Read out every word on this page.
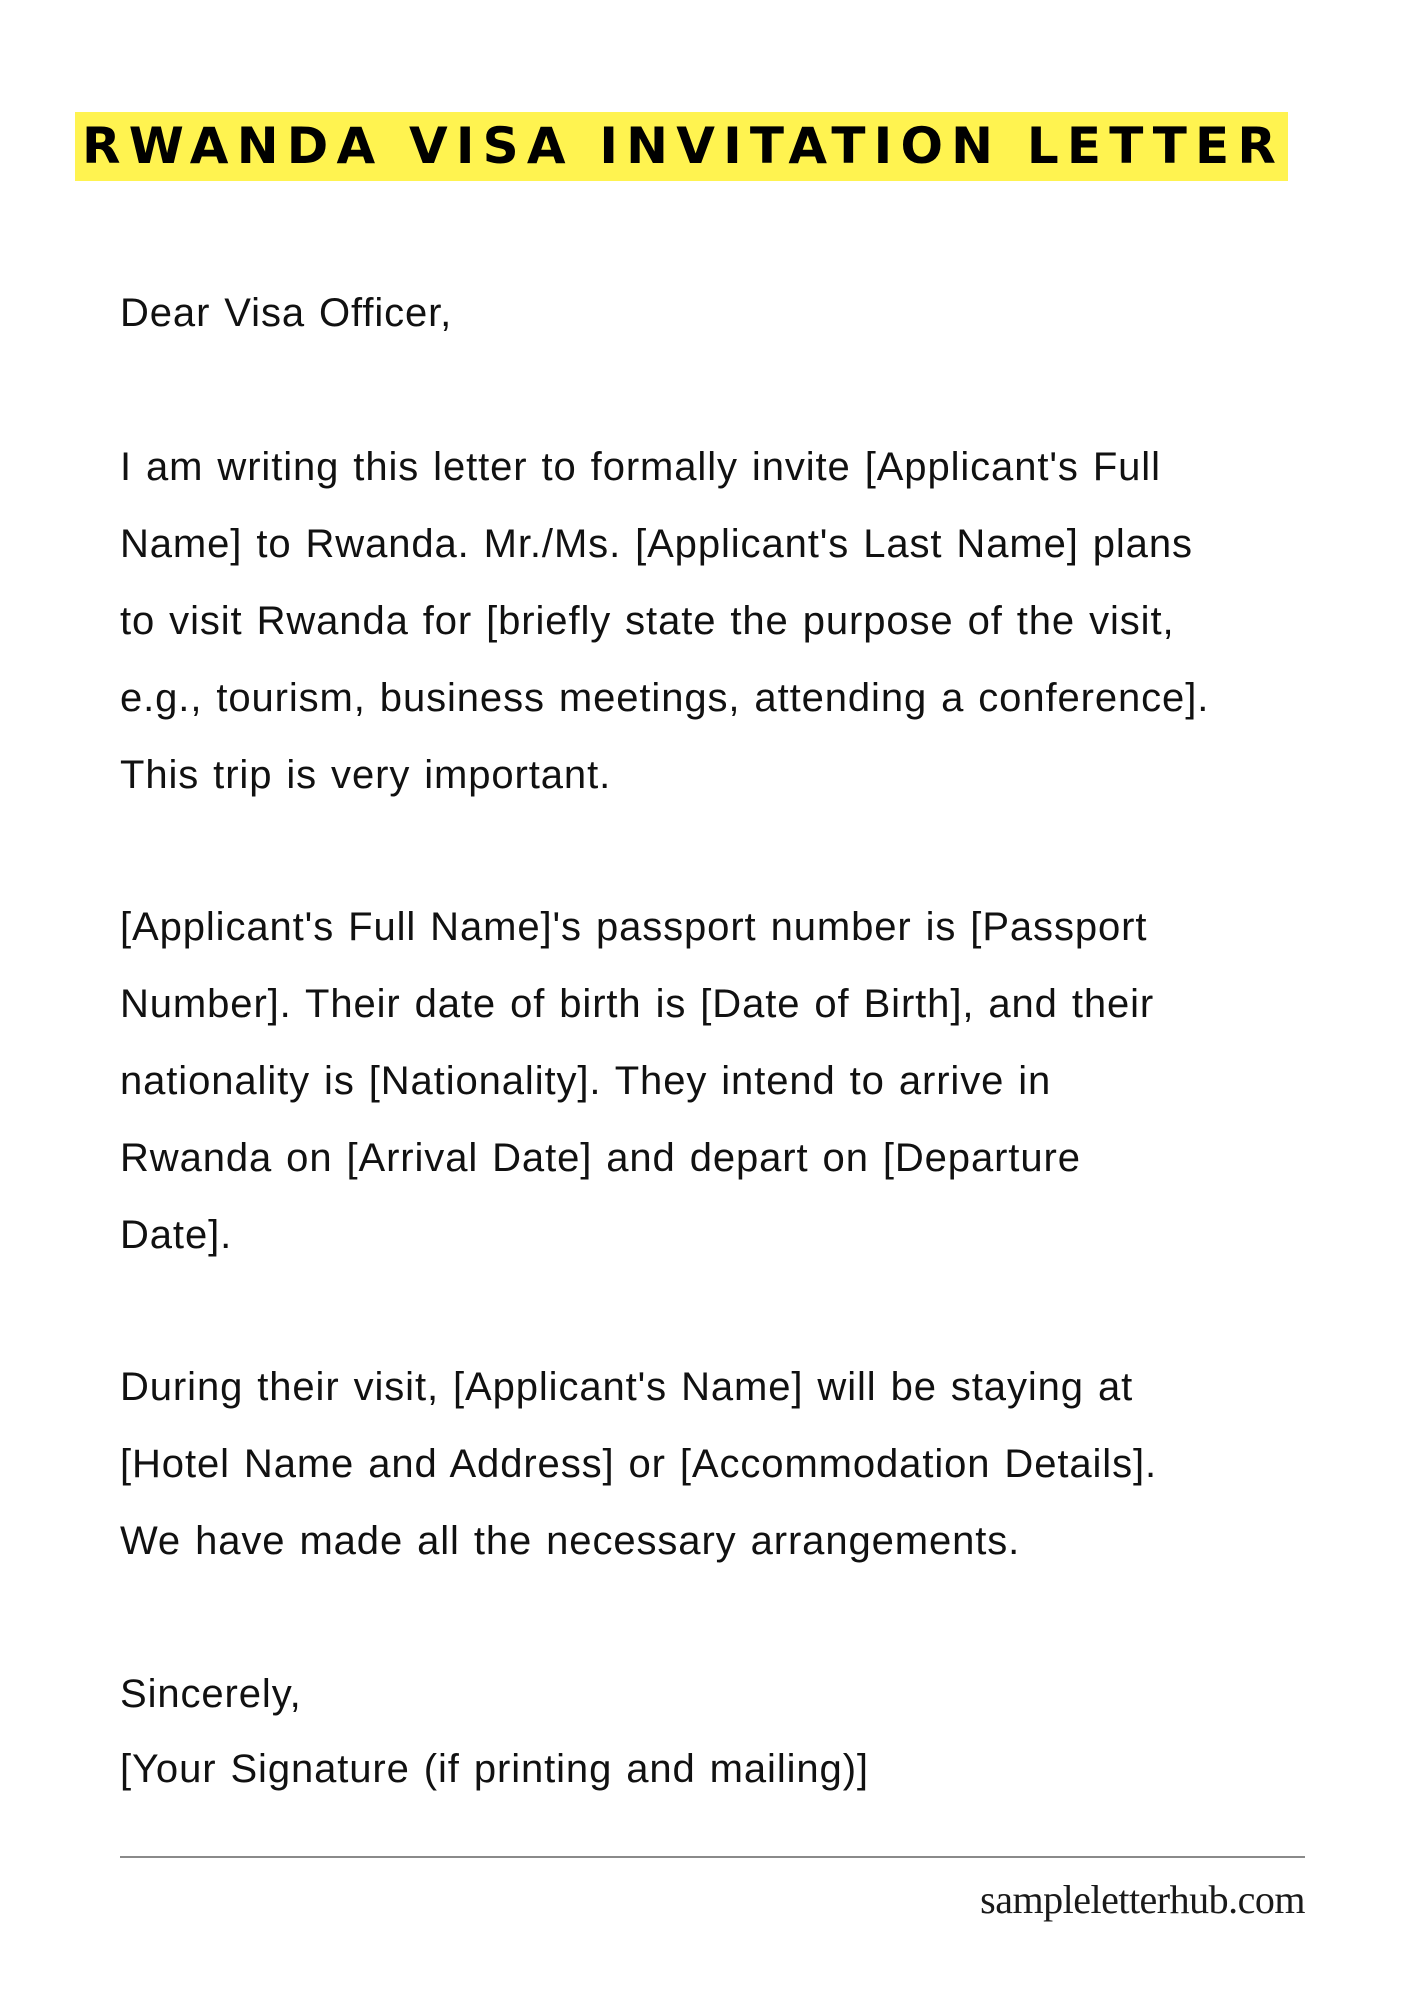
RWANDA VISA INVITATION LETTER
Dear Visa Officer,
I am writing this letter to formally invite [Applicant's Full
Name] to Rwanda. Mr./Ms. [Applicant's Last Name] plans
to visit Rwanda for [briefly state the purpose of the visit,
e.g., tourism, business meetings, attending a conference].
This trip is very important.
[Applicant's Full Name]'s passport number is [Passport
Number]. Their date of birth is [Date of Birth], and their
nationality is [Nationality]. They intend to arrive in
Rwanda on [Arrival Date] and depart on [Departure
Date].
During their visit, [Applicant's Name] will be staying at
[Hotel Name and Address] or [Accommodation Details].
We have made all the necessary arrangements.
Sincerely,
[Your Signature (if printing and mailing)]
sampleletterhub.com
